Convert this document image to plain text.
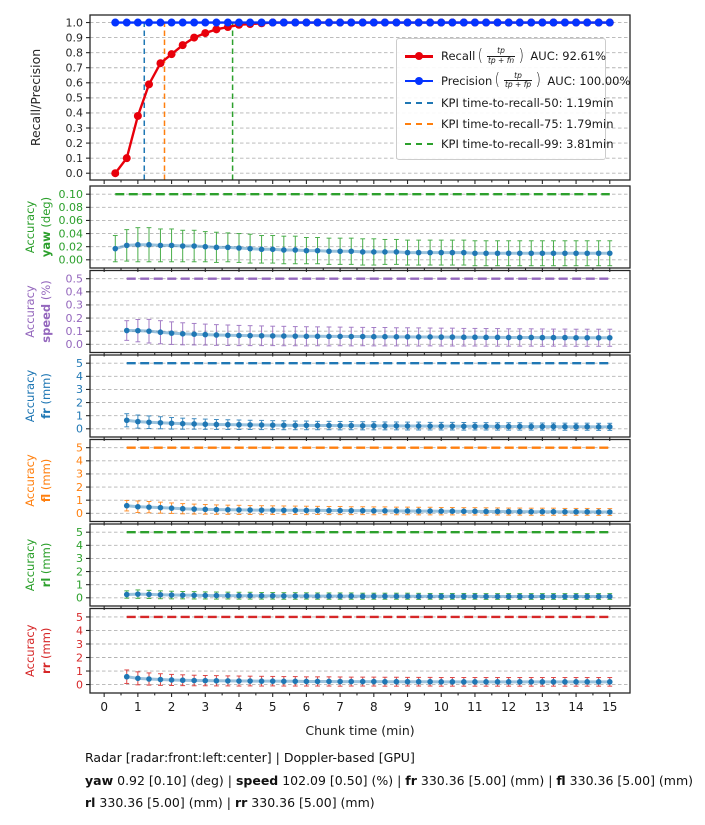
0.0
0.1
0.2
0.3
0.4
0.5
0.6
0.7
0.8
0.9
1.0
Recall/Precision
0.00
0.02
0.04
0.06
0.08
0.10
Accuracy yaw (deg)
0.0
0.1
0.2
0.3
0.4
0.5
Accuracy speed (%)
0
1
2
3
4
5
Accuracy fr (mm)
0
1
2
3
4
5
Accuracy fl (mm)
0
1
2
3
4
5
Accuracy rl (mm)
0
1
2
3
4
5
Accuracy rr (mm)
0 1 2 3 4 5 6 7 8 9 10 11 12 13 14 15
Recall ( $\frac{tp}{tp + fn}$ ) AUC: 92.61%
Precision ( $\frac{tp}{tp + fp}$ ) AUC: 100.00%
KPI time-to-recall-50: 1.19min
KPI time-to-recall-75: 1.79min
KPI time-to-recall-99: 3.81min
Chunk time (min)
Radar [radar:front:left:center] | Doppler-based [GPU]
yaw 0.92 [0.10] (deg) | speed 102.09 [0.50] (%) | fr 330.36 [5.00] (mm) | fl 330.36 [5.00] (mm)
rl 330.36 [5.00] (mm) | rr 330.36 [5.00] (mm)
